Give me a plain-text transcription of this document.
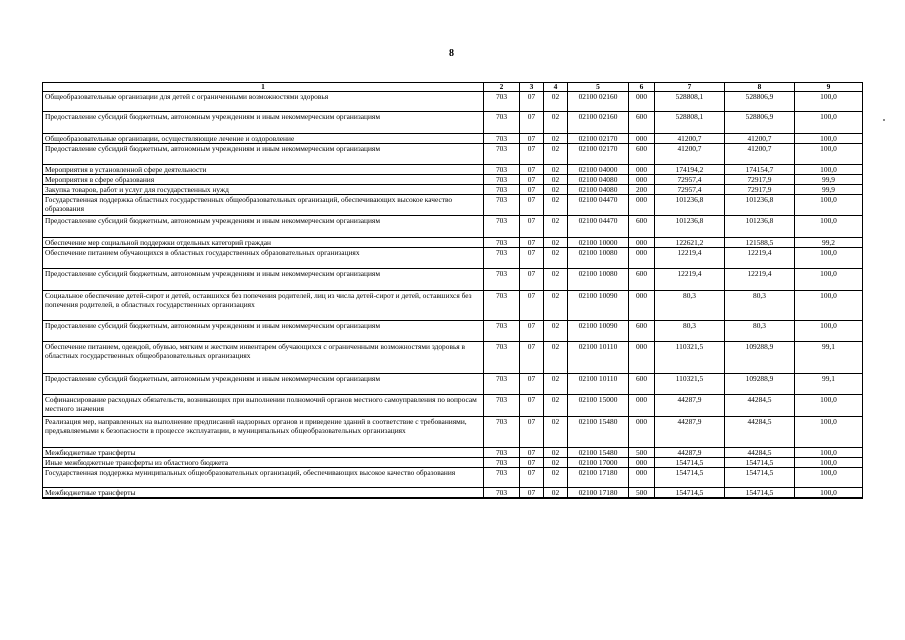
8
1	2	3	4	5	6	7	8	9
Общеобразовательные организации для детей с ограниченными возможностями здоровья	703	07	02	02100 02160	000	528808,1	528806,9	100,0
Предоставление субсидий бюджетным, автономным учреждениям и иным некоммерческим организациям	703	07	02	02100 02160	600	528808,1	528806,9	100,0
Общеобразовательные организации, осуществляющие лечение и оздоровление	703	07	02	02100 02170	000	41200,7	41200,7	100,0
Предоставление субсидий бюджетным, автономным учреждениям и иным некоммерческим организациям	703	07	02	02100 02170	600	41200,7	41200,7	100,0
Мероприятия в установленной сфере деятельности	703	07	02	02100 04000	000	174194,2	174154,7	100,0
Мероприятия в сфере образования	703	07	02	02100 04080	000	72957,4	72917,9	99,9
Закупка товаров, работ и услуг для государственных нужд	703	07	02	02100 04080	200	72957,4	72917,9	99,9
Государственная поддержка областных государственных общеобразовательных организаций, обеспечивающих высокое качество образования	703	07	02	02100 04470	000	101236,8	101236,8	100,0
Предоставление субсидий бюджетным, автономным учреждениям и иным некоммерческим организациям	703	07	02	02100 04470	600	101236,8	101236,8	100,0
Обеспечение мер социальной поддержки отдельных категорий граждан	703	07	02	02100 10000	000	122621,2	121588,5	99,2
Обеспечение питанием обучающихся в областных государственных образовательных организациях	703	07	02	02100 10080	000	12219,4	12219,4	100,0
Предоставление субсидий бюджетным, автономным учреждениям и иным некоммерческим организациям	703	07	02	02100 10080	600	12219,4	12219,4	100,0
Социальное обеспечение детей-сирот и детей, оставшихся без попечения родителей, лиц из числа детей-сирот и детей, оставшихся без попечения родителей, в областных государственных организациях	703	07	02	02100 10090	000	80,3	80,3	100,0
Предоставление субсидий бюджетным, автономным учреждениям и иным некоммерческим организациям	703	07	02	02100 10090	600	80,3	80,3	100,0
Обеспечение питанием, одеждой, обувью, мягким и жестким инвентарем обучающихся с ограниченными возможностями здоровья в областных государственных общеобразовательных организациях	703	07	02	02100 10110	000	110321,5	109288,9	99,1
Предоставление субсидий бюджетным, автономным учреждениям и иным некоммерческим организациям	703	07	02	02100 10110	600	110321,5	109288,9	99,1
Софинансирование расходных обязательств, возникающих при выполнении полномочий органов местного самоуправления по вопросам местного значения	703	07	02	02100 15000	000	44287,9	44284,5	100,0
Реализация мер, направленных на выполнение предписаний надзорных органов и приведение зданий в соответствие с требованиями, предъявляемыми к безопасности в процессе эксплуатации, в муниципальных общеобразовательных организациях	703	07	02	02100 15480	000	44287,9	44284,5	100,0
Межбюджетные трансферты	703	07	02	02100 15480	500	44287,9	44284,5	100,0
Иные межбюджетные трансферты из областного бюджета	703	07	02	02100 17000	000	154714,5	154714,5	100,0
Государственная поддержка муниципальных общеобразовательных организаций, обеспечивающих высокое качество образования	703	07	02	02100 17180	000	154714,5	154714,5	100,0
Межбюджетные трансферты	703	07	02	02100 17180	500	154714,5	154714,5	100,0
